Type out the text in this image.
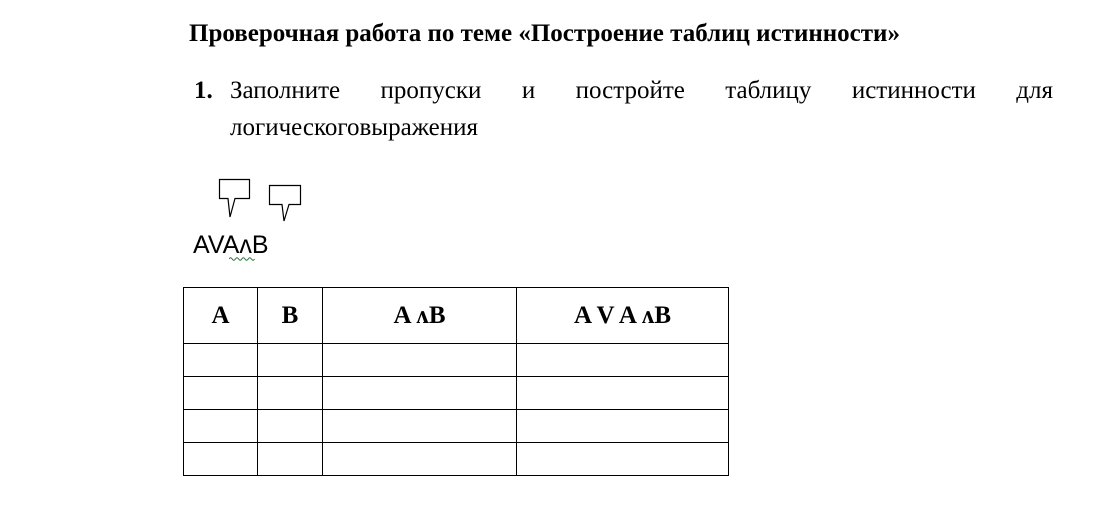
Проверочная работа по теме «Построение таблиц истинности»
1. Заполните пропуски и постройте таблицу истинности для
логическоговыражения
AVAʌB
A	B	A ʌB	A V A ʌB
